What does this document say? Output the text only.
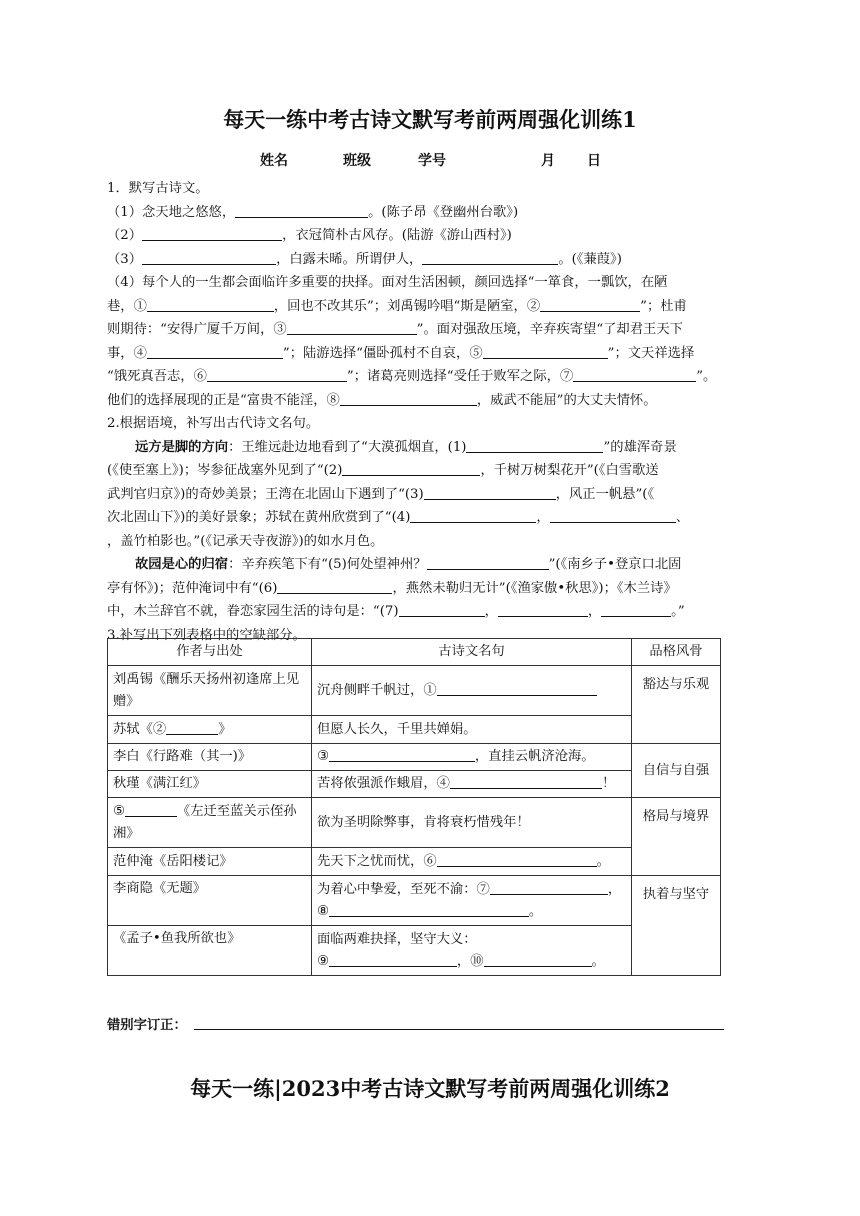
每天一练中考古诗文默写考前两周强化训练1
姓名	班级	学号	月 日
1．默写古诗文。
（1）念天地之悠悠，	。(陈子昂《登幽州台歌》)
（2）	，衣冠简朴古风存。(陆游《游山西村》)
（3）	，白露未晞。所谓伊人，	。(《蒹葭》)
（4）每个人的一生都会面临许多重要的抉择。面对生活困顿，颜回选择“一箪食，一瓢饮，在陋
巷，①	，回也不改其乐”；刘禹锡吟唱“斯是陋室，②	”；杜甫
则期待：“安得广厦千万间，③	”。面对强敌压境，辛弃疾寄望“了却君王天下
事，④	”；陆游选择“僵卧孤村不自哀，⑤	”；文天祥选择
“饿死真吾志，⑥	”；诸葛亮则选择“受任于败军之际，⑦	”。
他们的选择展现的正是“富贵不能淫，⑧	，威武不能屈”的大丈夫情怀。
2.根据语境，补写出古代诗文名句。
远方是脚的方向：王维远赴边地看到了“大漠孤烟直，(1)	”的雄浑奇景
(《使至塞上》)；岑参征战塞外见到了“(2)	，千树万树梨花开”(《白雪歌送
武判官归京》)的奇妙美景；王湾在北固山下遇到了“(3)	，风正一帆悬”(《
次北固山下》)的美好景象；苏轼在黄州欣赏到了“(4)	，	、
，盖竹柏影也。”(《记承天寺夜游》)的如水月色。
故园是心的归宿：辛弃疾笔下有“(5)何处望神州？	”(《南乡子•登京口北固
亭有怀》)；范仲淹词中有“(6)	，燕然未勒归无计”(《渔家傲•秋思》)；《木兰诗》
中，木兰辞官不就，眷恋家园生活的诗句是：“(7)	，	，	。”
3.补写出下列表格中的空缺部分。
作者与出处	古诗文名句	品格风骨
刘禹锡《酬乐天扬州初逢席上见赠》	沉舟侧畔千帆过，①	豁达与乐观
苏轼《② 》	但愿人长久，千里共婵娟。	
李白《行路难（其一)》	③ ，直挂云帆济沧海。	自信与自强
秋瑾《满江红》	苦将侬强派作蛾眉，④ ！	
⑤ 《左迁至蓝关示侄孙湘》	欲为圣明除弊事，肯将衰朽惜残年！	格局与境界
范仲淹《岳阳楼记》	先天下之忧而忧，⑥ 。	
李商隐《无题》	为着心中挚爱，至死不渝：⑦ ，
⑧ 。	执着与坚守
《孟子•鱼我所欲也》	面临两难抉择，坚守大义：
⑨ ，⑩ 。	
错别字订正：
每天一练|2023中考古诗文默写考前两周强化训练2
